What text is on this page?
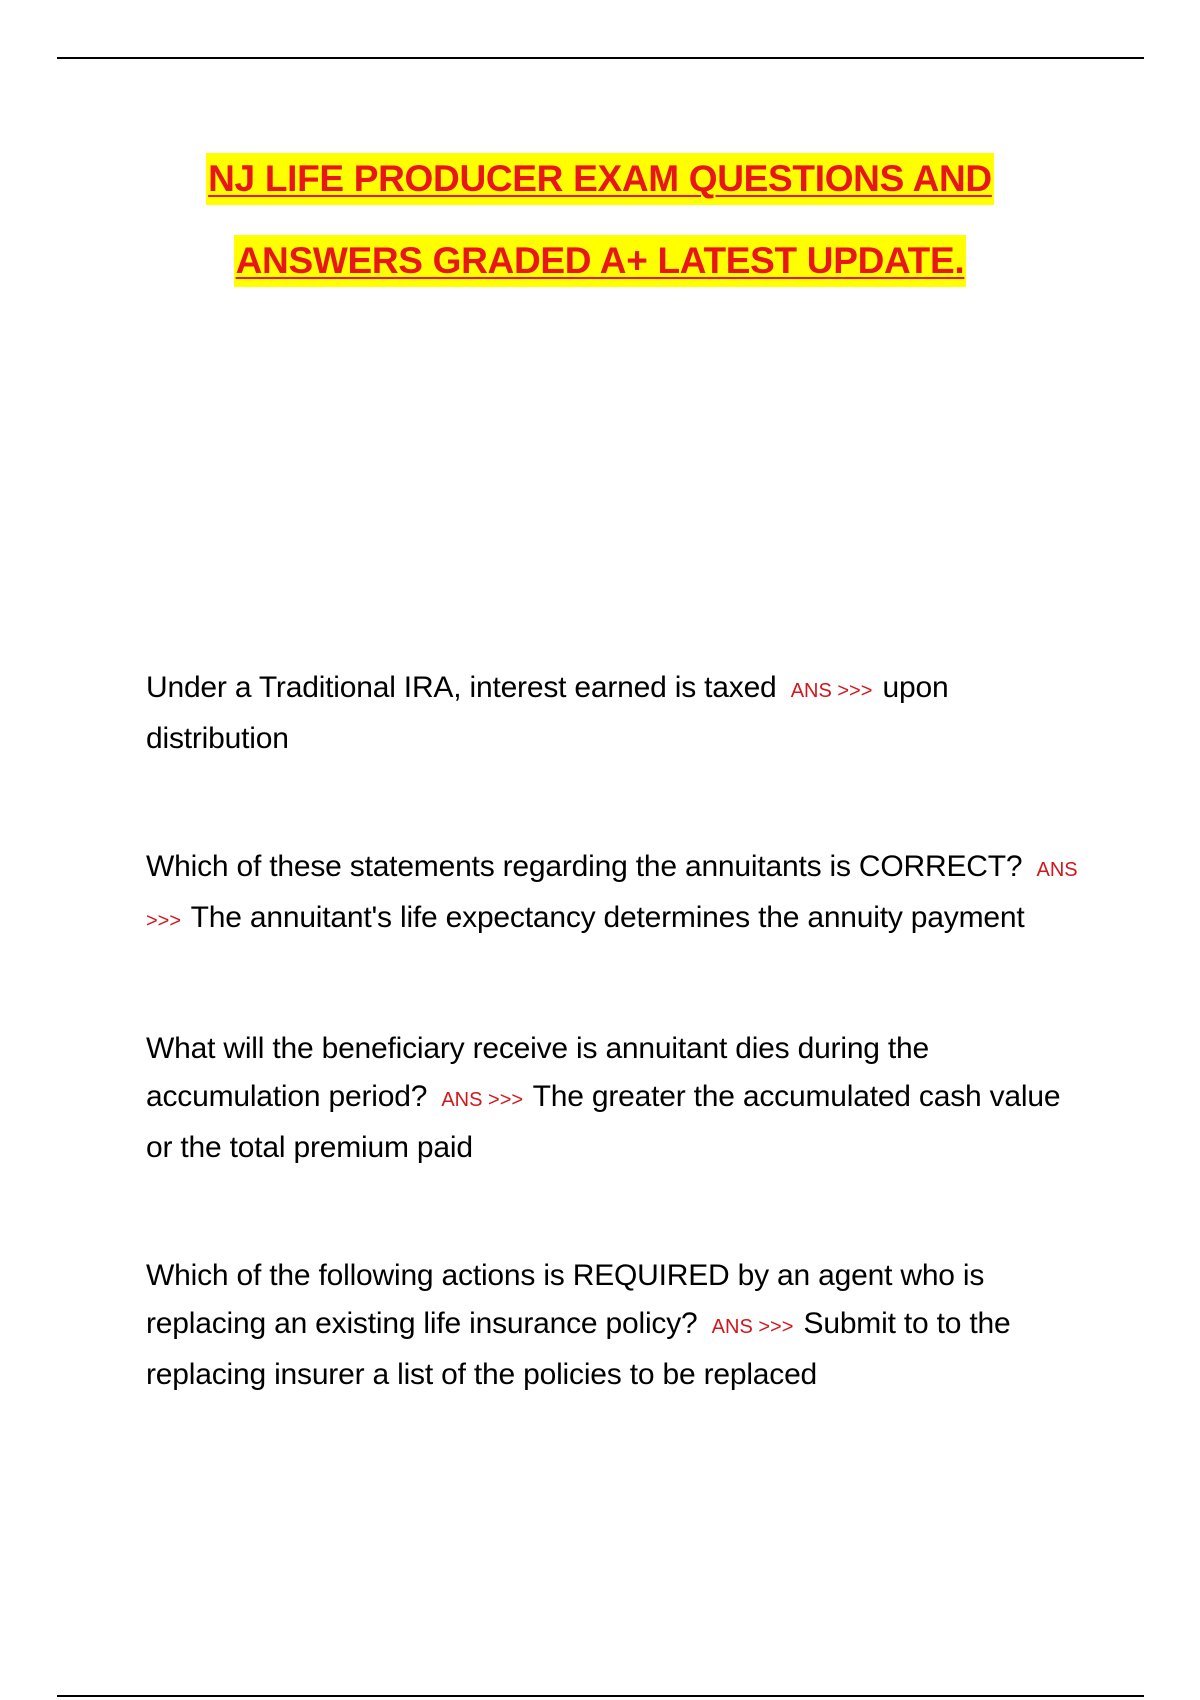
NJ LIFE PRODUCER EXAM QUESTIONS AND
ANSWERS GRADED A+ LATEST UPDATE.

Under a Traditional IRA, interest earned is taxed ANS >>> upon distribution

Which of these statements regarding the annuitants is CORRECT? ANS >>> The annuitant's life expectancy determines the annuity payment

What will the beneficiary receive is annuitant dies during the accumulation period? ANS >>> The greater the accumulated cash value or the total premium paid

Which of the following actions is REQUIRED by an agent who is replacing an existing life insurance policy? ANS >>> Submit to to the replacing insurer a list of the policies to be replaced
